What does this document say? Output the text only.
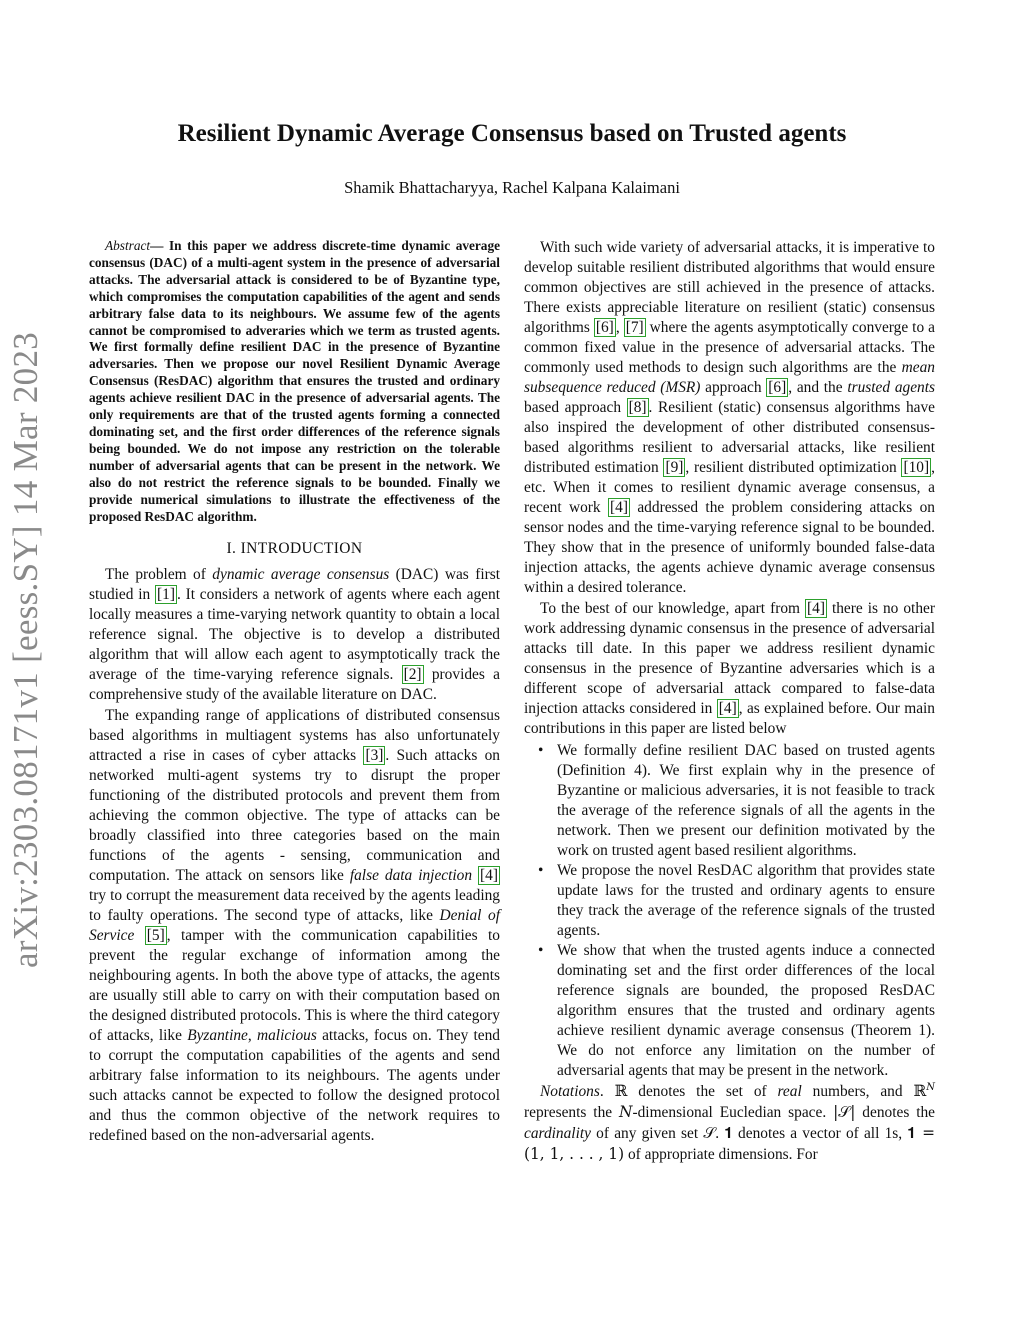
arXiv:2303.08171v1 [eess.SY] 14 Mar 2023
Resilient Dynamic Average Consensus based on Trusted agents

Shamik Bhattacharyya, Rachel Kalpana Kalaimani

Abstract— In this paper we address discrete-time dynamic average consensus (DAC) of a multi-agent system in the presence of adversarial attacks. The adversarial attack is considered to be of Byzantine type, which compromises the computation capabilities of the agent and sends arbitrary false data to its neighbours. We assume few of the agents cannot be compromised to adveraries which we term as trusted agents. We first formally define resilient DAC in the presence of Byzantine adversaries. Then we propose our novel Resilient Dynamic Average Consensus (ResDAC) algorithm that ensures the trusted and ordinary agents achieve resilient DAC in the presence of adversarial agents. The only requirements are that of the trusted agents forming a connected dominating set, and the first order differences of the reference signals being bounded. We do not impose any restriction on the tolerable number of adversarial agents that can be present in the network. We also do not restrict the reference signals to be bounded. Finally we provide numerical simulations to illustrate the effectiveness of the proposed ResDAC algorithm.

I. INTRODUCTION

The problem of dynamic average consensus (DAC) was first studied in [1] . It considers a network of agents where each agent locally measures a time-varying network quantity to obtain a local reference signal. The objective is to develop a distributed algorithm that will allow each agent to asymptotically track the average of the time-varying reference signals. [2] provides a comprehensive study of the available literature on DAC.

The expanding range of applications of distributed consensus based algorithms in multiagent systems has also unfortunately attracted a rise in cases of cyber attacks [3] . Such attacks on networked multi-agent systems try to disrupt the proper functioning of the distributed protocols and prevent them from achieving the common objective. The type of attacks can be broadly classified into three categories based on the main functions of the agents - sensing, communication and computation. The attack on sensors like false data injection [4] try to corrupt the measurement data received by the agents leading to faulty operations. The second type of attacks, like Denial of Service [5] , tamper with the communication capabilities to prevent the regular exchange of information among the neighbouring agents. In both the above type of attacks, the agents are usually still able to carry on with their computation based on the designed distributed protocols. This is where the third category of attacks, like Byzantine, malicious attacks, focus on. They tend to corrupt the computation capabilities of the agents and send arbitrary false information to its neighbours. The agents under such attacks cannot be expected to follow the designed protocol and thus the common objective of the network requires to redefined based on the non-adversarial agents.

With such wide variety of adversarial attacks, it is imperative to develop suitable resilient distributed algorithms that would ensure common objectives are still achieved in the presence of attacks. There exists appreciable literature on resilient (static) consensus algorithms [6] , [7] where the agents asymptotically converge to a common fixed value in the presence of adversarial attacks. The commonly used methods to design such algorithms are the mean subsequence reduced (MSR) approach [6] , and the trusted agents based approach [8] . Resilient (static) consensus algorithms have also inspired the development of other distributed consensus-based algorithms resilient to adversarial attacks, like resilient distributed estimation [9] , resilient distributed optimization [10] , etc. When it comes to resilient dynamic average consensus, a recent work [4] addressed the problem considering attacks on sensor nodes and the time-varying reference signal to be bounded. They show that in the presence of uniformly bounded false-data injection attacks, the agents achieve dynamic average consensus within a desired tolerance.

To the best of our knowledge, apart from [4] there is no other work addressing dynamic consensus in the presence of adversarial attacks till date. In this paper we address resilient dynamic consensus in the presence of Byzantine adversaries which is a different scope of adversarial attack compared to false-data injection attacks considered in [4] , as explained before. Our main contributions in this paper are listed below

• We formally define resilient DAC based on trusted agents (Definition 4). We first explain why in the presence of Byzantine or malicious adversaries, it is not feasible to track the average of the reference signals of all the agents in the network. Then we present our definition motivated by the work on trusted agent based resilient algorithms.
• We propose the novel ResDAC algorithm that provides state update laws for the trusted and ordinary agents to ensure they track the average of the reference signals of the trusted agents.
• We show that when the trusted agents induce a connected dominating set and the first order differences of the local reference signals are bounded, the proposed ResDAC algorithm ensures that the trusted and ordinary agents achieve resilient dynamic average consensus (Theorem 1). We do not enforce any limitation on the number of adversarial agents that may be present in the network.

Notations. ℝ denotes the set of real numbers, and ℝ$^N$ represents the N-dimensional Eucledian space. |𝒮| denotes the cardinality of any given set 𝒮. 𝟏 denotes a vector of all 1s, 𝟏 = (1, 1, . . . , 1) of appropriate dimensions. For
